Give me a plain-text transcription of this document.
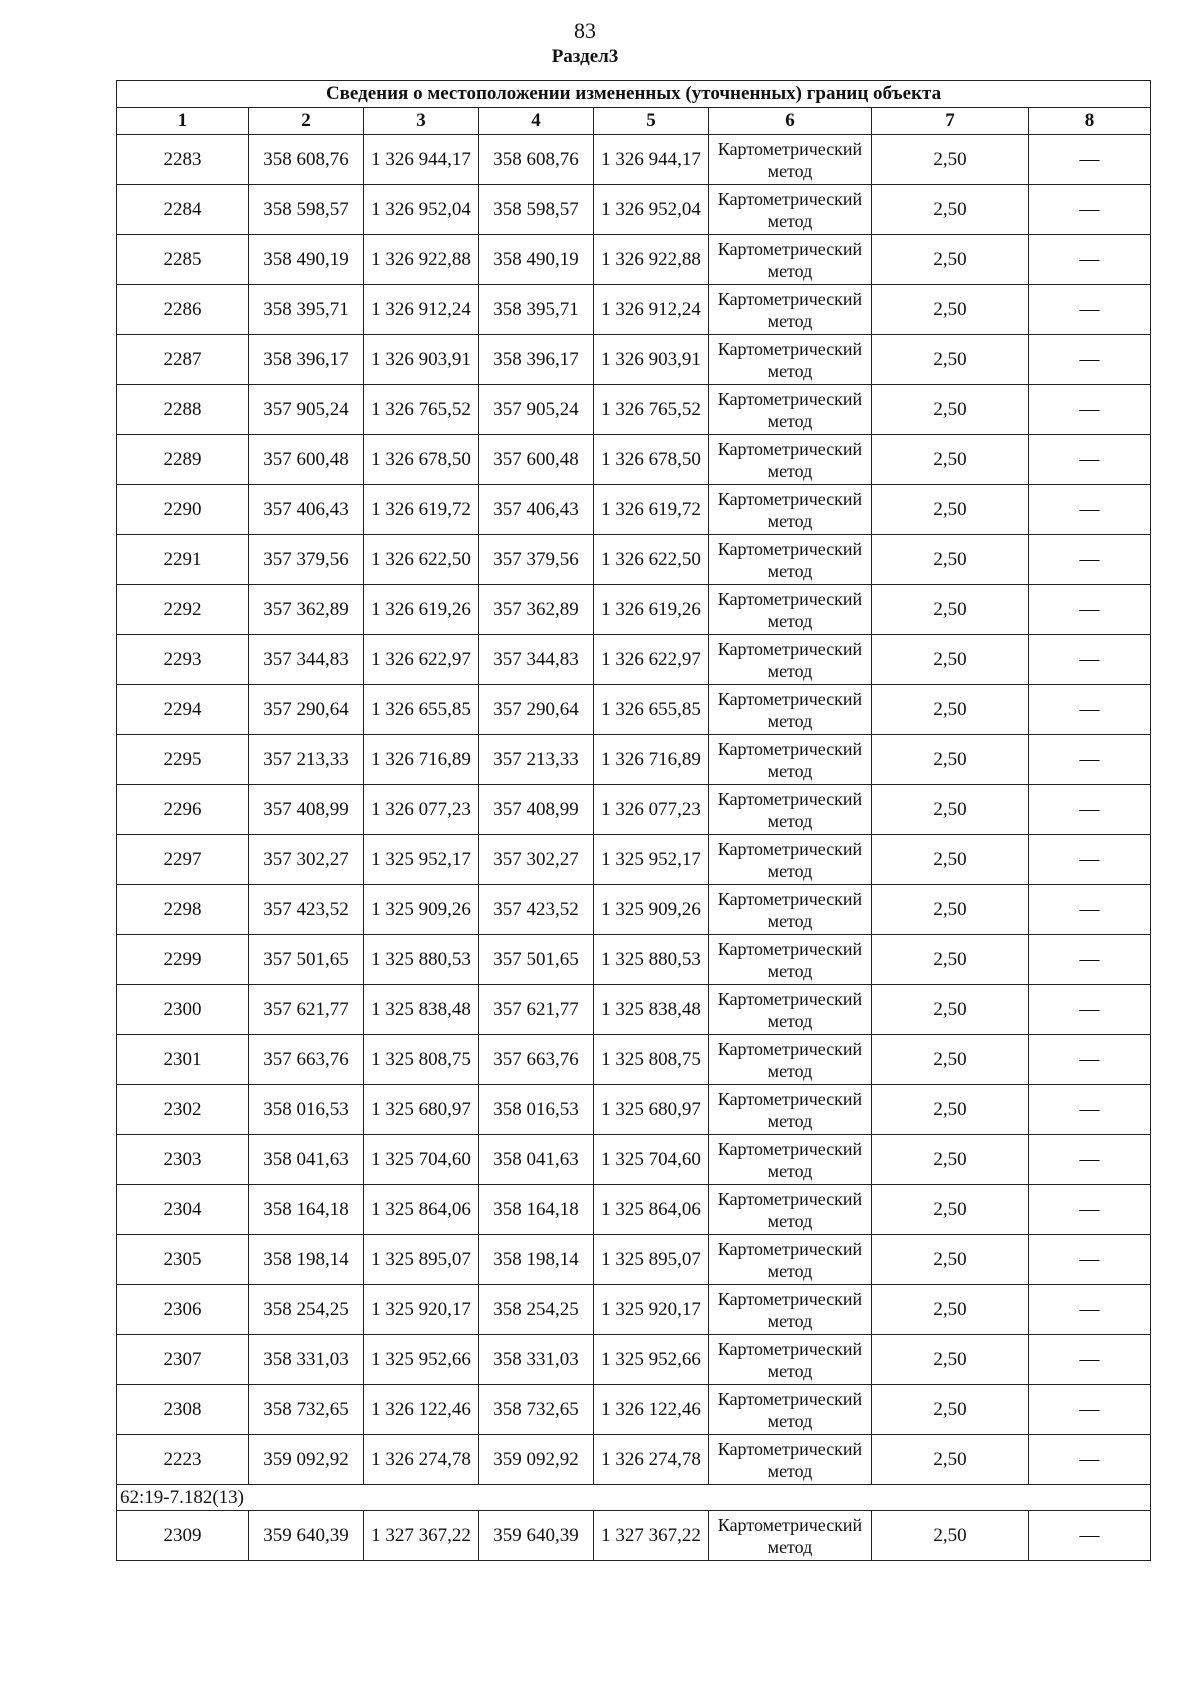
83
Раздел3
Сведения о местоположении измененных (уточненных) границ объекта							
1	2	3	4	5	6	7	8
2283	358 608,76	1 326 944,17	358 608,76	1 326 944,17	Картометрический метод	2,50	—
2284	358 598,57	1 326 952,04	358 598,57	1 326 952,04	Картометрический метод	2,50	—
2285	358 490,19	1 326 922,88	358 490,19	1 326 922,88	Картометрический метод	2,50	—
2286	358 395,71	1 326 912,24	358 395,71	1 326 912,24	Картометрический метод	2,50	—
2287	358 396,17	1 326 903,91	358 396,17	1 326 903,91	Картометрический метод	2,50	—
2288	357 905,24	1 326 765,52	357 905,24	1 326 765,52	Картометрический метод	2,50	—
2289	357 600,48	1 326 678,50	357 600,48	1 326 678,50	Картометрический метод	2,50	—
2290	357 406,43	1 326 619,72	357 406,43	1 326 619,72	Картометрический метод	2,50	—
2291	357 379,56	1 326 622,50	357 379,56	1 326 622,50	Картометрический метод	2,50	—
2292	357 362,89	1 326 619,26	357 362,89	1 326 619,26	Картометрический метод	2,50	—
2293	357 344,83	1 326 622,97	357 344,83	1 326 622,97	Картометрический метод	2,50	—
2294	357 290,64	1 326 655,85	357 290,64	1 326 655,85	Картометрический метод	2,50	—
2295	357 213,33	1 326 716,89	357 213,33	1 326 716,89	Картометрический метод	2,50	—
2296	357 408,99	1 326 077,23	357 408,99	1 326 077,23	Картометрический метод	2,50	—
2297	357 302,27	1 325 952,17	357 302,27	1 325 952,17	Картометрический метод	2,50	—
2298	357 423,52	1 325 909,26	357 423,52	1 325 909,26	Картометрический метод	2,50	—
2299	357 501,65	1 325 880,53	357 501,65	1 325 880,53	Картометрический метод	2,50	—
2300	357 621,77	1 325 838,48	357 621,77	1 325 838,48	Картометрический метод	2,50	—
2301	357 663,76	1 325 808,75	357 663,76	1 325 808,75	Картометрический метод	2,50	—
2302	358 016,53	1 325 680,97	358 016,53	1 325 680,97	Картометрический метод	2,50	—
2303	358 041,63	1 325 704,60	358 041,63	1 325 704,60	Картометрический метод	2,50	—
2304	358 164,18	1 325 864,06	358 164,18	1 325 864,06	Картометрический метод	2,50	—
2305	358 198,14	1 325 895,07	358 198,14	1 325 895,07	Картометрический метод	2,50	—
2306	358 254,25	1 325 920,17	358 254,25	1 325 920,17	Картометрический метод	2,50	—
2307	358 331,03	1 325 952,66	358 331,03	1 325 952,66	Картометрический метод	2,50	—
2308	358 732,65	1 326 122,46	358 732,65	1 326 122,46	Картометрический метод	2,50	—
2223	359 092,92	1 326 274,78	359 092,92	1 326 274,78	Картометрический метод	2,50	—
62:19-7.182(13)							
2309	359 640,39	1 327 367,22	359 640,39	1 327 367,22	Картометрический метод	2,50	—
